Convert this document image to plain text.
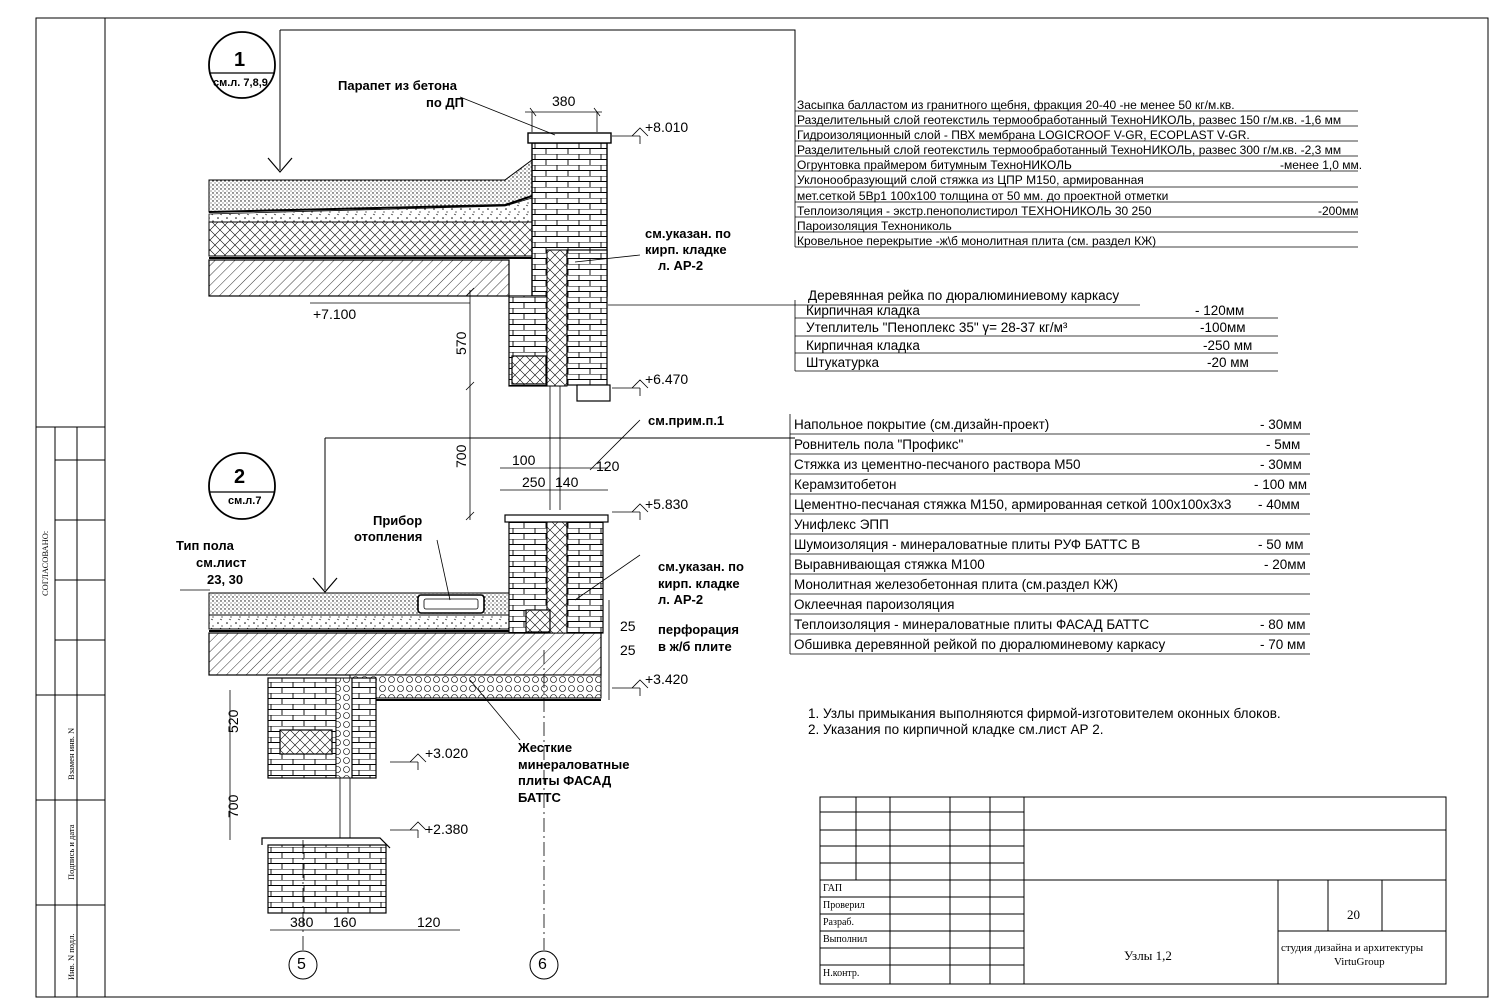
1
см.л. 7,8,9
2
см.л.7
5	6
Парапет из бетона
по ДП
см.указан. по
кирп. кладке
л. АР-2
см.прим.п.1
Прибор
отопления
Тип пола
см.лист
23, 30
см.указан. по
кирп. кладке
л. АР-2
перфорация
в ж/б плите
Жесткие
минераловатные
плиты ФАСАД
БАТТС
+8.010
+7.100
+6.470
+5.830
+3.420
+3.020
+2.380
380
570
700	100	120
250 140
25
25
520
700
380 160	120
Засыпка балластом из гранитного щебня, фракция 20-40 -не менее 50 кг/м.кв.
Разделительный слой геотекстиль термообработанный ТехноНИКОЛЬ, развес 150 г/м.кв. -1,6 мм
Гидроизоляционный слой - ПВХ мембрана LOGICROOF V-GR, ECOPLAST V-GR.
Разделительный слой геотекстиль термообработанный ТехноНИКОЛЬ, развес 300 г/м.кв. -2,3 мм
Огрунтовка праймером битумным ТехноНИКОЛЬ	-менее 1,0 мм.
Уклонообразующий слой стяжка из ЦПР М150, армированная
мет.сеткой 5Вр1 100х100 толщина от 50 мм. до проектной отметки
Теплоизоляция - экстр.пенополистирол ТЕХНОНИКОЛЬ 30 250	-200мм
Пароизоляция Технониколь
Кровельное перекрытие -ж\б монолитная плита (см. раздел КЖ)
Деревянная рейка по дюралюминиевому каркасу
Кирпичная кладка	- 120мм
Утеплитель "Пеноплекс 35" γ= 28-37 кг/м³	-100мм
Кирпичная кладка	-250 мм
Штукатурка	-20 мм
Напольное покрытие (см.дизайн-проект)	- 30мм
Ровнитель пола "Профикс"	- 5мм
Стяжка из цементно-песчаного раствора М50	- 30мм
Керамзитобетон	- 100 мм
Цементно-песчаная стяжка М150, армированная сеткой 100х100х3х3 - 40мм
Унифлекс ЭПП
Шумоизоляция - минераловатные плиты РУФ БАТТС В	- 50 мм
Выравнивающая стяжка М100	- 20мм
Монолитная железобетонная плита (см.раздел КЖ)
Оклеечная пароизоляция
Теплоизоляция - минераловатные плиты ФАСАД БАТТС	- 80 мм
Обшивка деревянной рейкой по дюралюминевому каркасу	- 70 мм
1. Узлы примыкания выполняются фирмой-изготовителем оконных блоков.
2. Указания по кирпичной кладке см.лист АР 2.
СОГЛАСОВАНО:
Взамен инв. N
Подпись и дата
Инв. N подл.
ГАП
Проверил
Разраб.
Выполнил
Н.контр.
Узлы 1,2
20
студия дизайна и архитектуры
VirtuGroup
